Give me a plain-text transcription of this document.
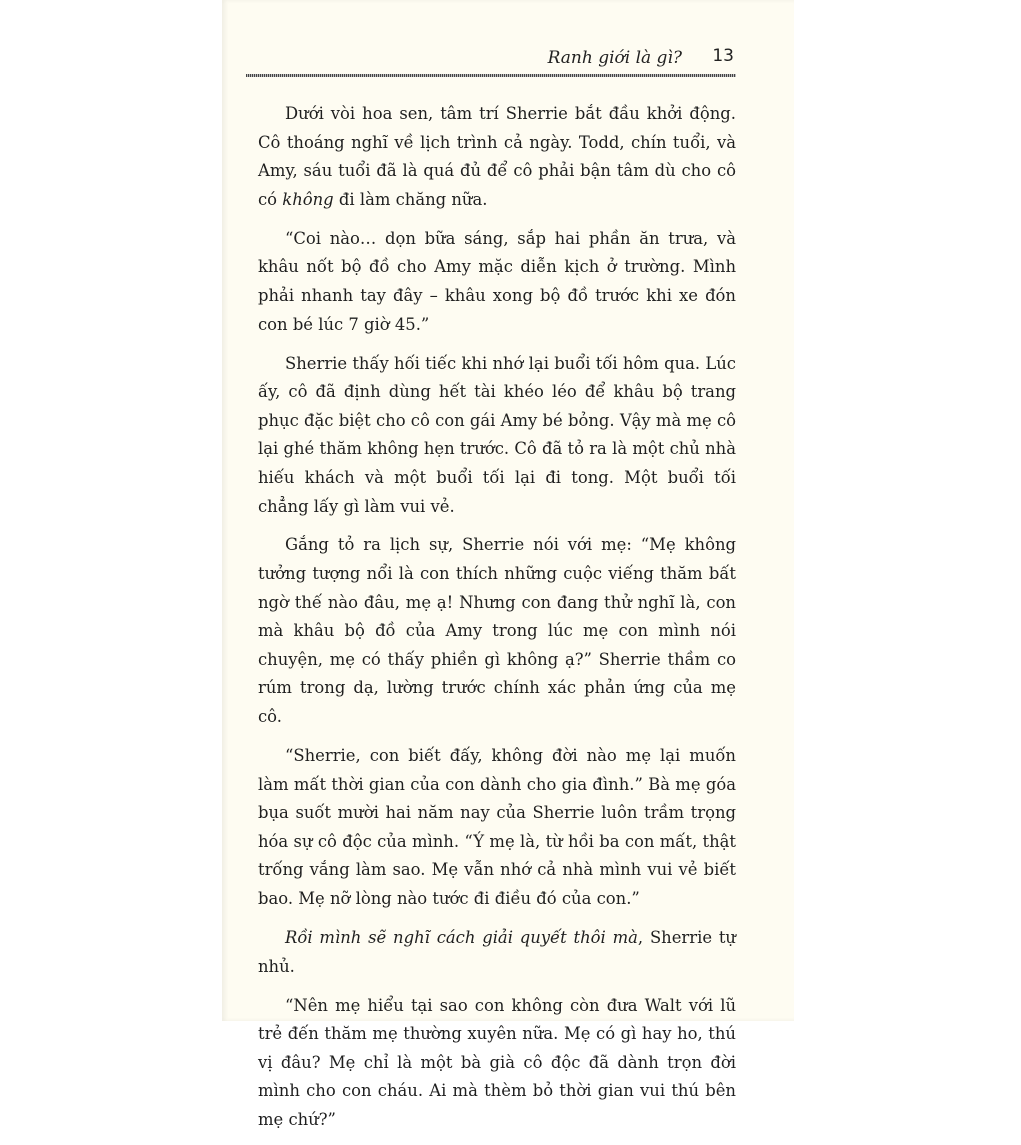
Ranh giới là gì? 13

Dưới vòi hoa sen, tâm trí Sherrie bắt đầu khởi động. Cô thoáng nghĩ về lịch trình cả ngày. Todd, chín tuổi, và Amy, sáu tuổi đã là quá đủ để cô phải bận tâm dù cho cô có không đi làm chăng nữa.

“Coi nào… dọn bữa sáng, sắp hai phần ăn trưa, và khâu nốt bộ đồ cho Amy mặc diễn kịch ở trường. Mình phải nhanh tay đây – khâu xong bộ đồ trước khi xe đón con bé lúc 7 giờ 45.”

Sherrie thấy hối tiếc khi nhớ lại buổi tối hôm qua. Lúc ấy, cô đã định dùng hết tài khéo léo để khâu bộ trang phục đặc biệt cho cô con gái Amy bé bỏng. Vậy mà mẹ cô lại ghé thăm không hẹn trước. Cô đã tỏ ra là một chủ nhà hiếu khách và một buổi tối lại đi tong. Một buổi tối chẳng lấy gì làm vui vẻ.

Gắng tỏ ra lịch sự, Sherrie nói với mẹ: “Mẹ không tưởng tượng nổi là con thích những cuộc viếng thăm bất ngờ thế nào đâu, mẹ ạ! Nhưng con đang thử nghĩ là, con mà khâu bộ đồ của Amy trong lúc mẹ con mình nói chuyện, mẹ có thấy phiền gì không ạ?” Sherrie thầm co rúm trong dạ, lường trước chính xác phản ứng của mẹ cô.

“Sherrie, con biết đấy, không đời nào mẹ lại muốn làm mất thời gian của con dành cho gia đình.” Bà mẹ góa bụa suốt mười hai năm nay của Sherrie luôn trầm trọng hóa sự cô độc của mình. “Ý mẹ là, từ hồi ba con mất, thật trống vắng làm sao. Mẹ vẫn nhớ cả nhà mình vui vẻ biết bao. Mẹ nỡ lòng nào tước đi điều đó của con.”

Rồi mình sẽ nghĩ cách giải quyết thôi mà, Sherrie tự nhủ.

“Nên mẹ hiểu tại sao con không còn đưa Walt với lũ trẻ đến thăm mẹ thường xuyên nữa. Mẹ có gì hay ho, thú vị đâu? Mẹ chỉ là một bà già cô độc đã dành trọn đời mình cho con cháu. Ai mà thèm bỏ thời gian vui thú bên mẹ chứ?”
